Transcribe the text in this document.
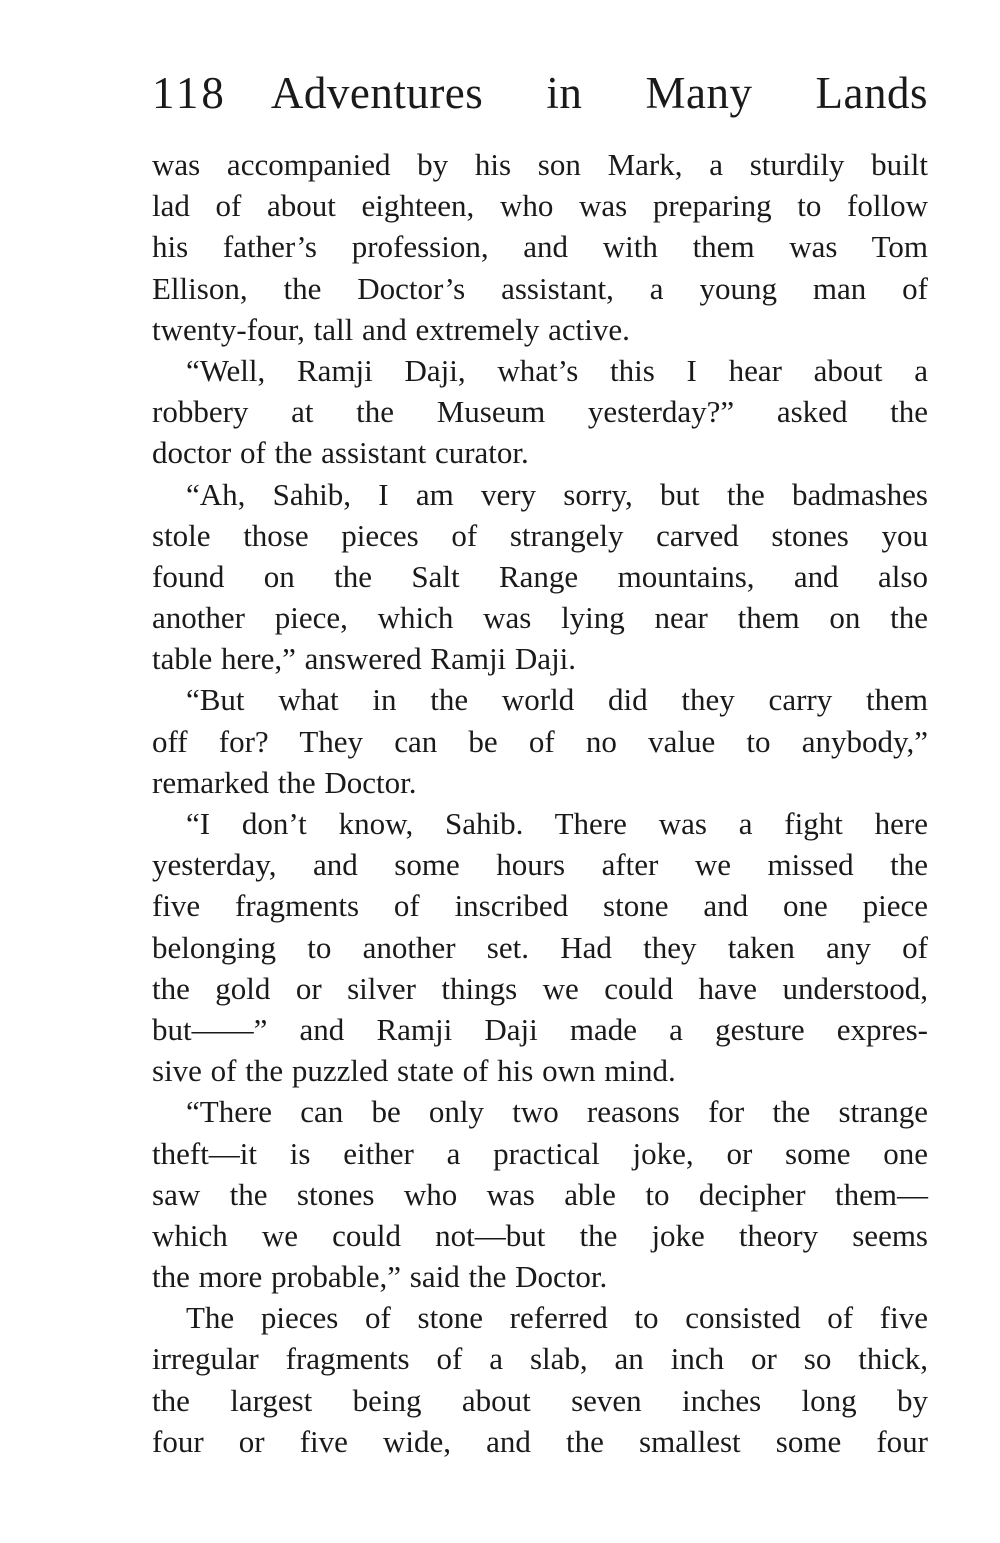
118 Adventures in Many Lands
was accompanied by his son Mark, a sturdily built
lad of about eighteen, who was preparing to follow
his father’s profession, and with them was Tom
Ellison, the Doctor’s assistant, a young man of
twenty-four, tall and extremely active.
“Well, Ramji Daji, what’s this I hear about a
robbery at the Museum yesterday?” asked the
doctor of the assistant curator.
“Ah, Sahib, I am very sorry, but the badmashes
stole those pieces of strangely carved stones you
found on the Salt Range mountains, and also
another piece, which was lying near them on the
table here,” answered Ramji Daji.
“But what in the world did they carry them
off for? They can be of no value to anybody,”
remarked the Doctor.
“I don’t know, Sahib. There was a fight here
yesterday, and some hours after we missed the
five fragments of inscribed stone and one piece
belonging to another set. Had they taken any of
the gold or silver things we could have understood,
but——” and Ramji Daji made a gesture expres-
sive of the puzzled state of his own mind.
“There can be only two reasons for the strange
theft—it is either a practical joke, or some one
saw the stones who was able to decipher them—
which we could not—but the joke theory seems
the more probable,” said the Doctor.
The pieces of stone referred to consisted of five
irregular fragments of a slab, an inch or so thick,
the largest being about seven inches long by
four or five wide, and the smallest some four
